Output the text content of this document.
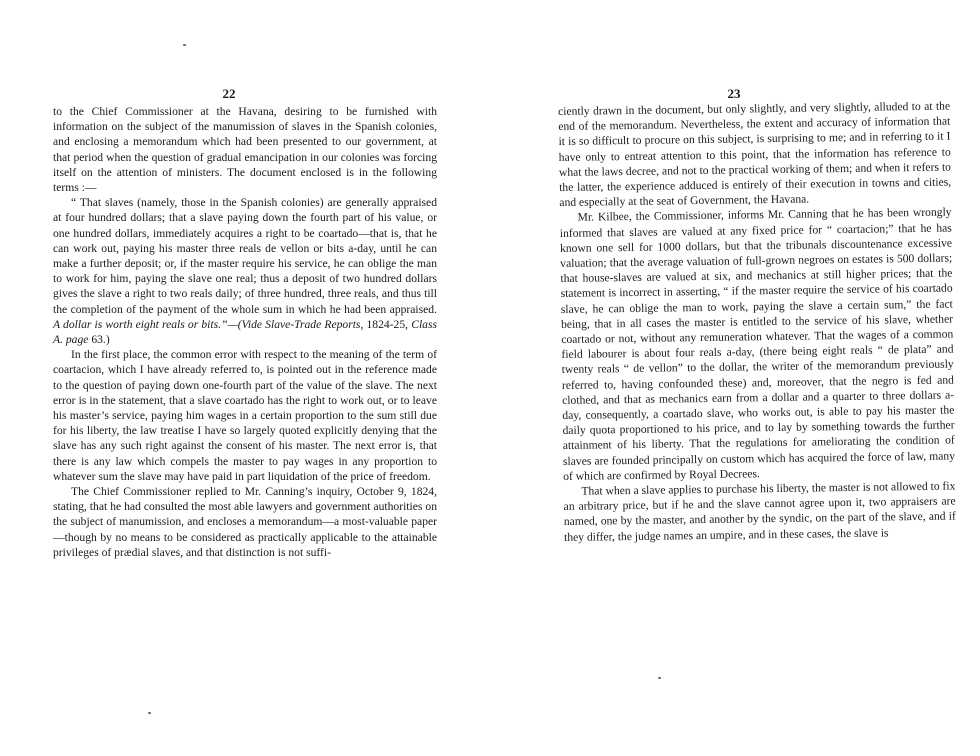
22

to the Chief Commissioner at the Havana, desiring to be furnished with information on the subject of the manumission of slaves in the Spanish colonies, and enclosing a memorandum which had been presented to our government, at that period when the question of gradual emancipation in our colonies was forcing itself on the attention of ministers. The document enclosed is in the following terms :—

“ That slaves (namely, those in the Spanish colonies) are generally appraised at four hundred dollars; that a slave paying down the fourth part of his value, or one hundred dollars, immediately acquires a right to be coartado—that is, that he can work out, paying his master three reals de vellon or bits a-day, until he can make a further deposit; or, if the master require his service, he can oblige the man to work for him, paying the slave one real; thus a deposit of two hundred dollars gives the slave a right to two reals daily; of three hundred, three reals, and thus till the completion of the payment of the whole sum in which he had been appraised. A dollar is worth eight reals or bits.”—(Vide Slave-Trade Reports, 1824-25, Class A. page 63.)

In the first place, the common error with respect to the meaning of the term of coartacion, which I have already referred to, is pointed out in the reference made to the question of paying down one-fourth part of the value of the slave. The next error is in the statement, that a slave coartado has the right to work out, or to leave his master’s service, paying him wages in a certain proportion to the sum still due for his liberty, the law treatise I have so largely quoted explicitly denying that the slave has any such right against the consent of his master. The next error is, that there is any law which compels the master to pay wages in any proportion to whatever sum the slave may have paid in part liquidation of the price of freedom.

The Chief Commissioner replied to Mr. Canning’s inquiry, October 9, 1824, stating, that he had consulted the most able lawyers and government authorities on the subject of manumission, and encloses a memorandum—a most-valuable paper—though by no means to be considered as practically applicable to the attainable privileges of prædial slaves, and that distinction is not suffi-

23

ciently drawn in the document, but only slightly, and very slightly, alluded to at the end of the memorandum. Nevertheless, the extent and accuracy of information that it is so difficult to procure on this subject, is surprising to me; and in referring to it I have only to entreat attention to this point, that the information has reference to what the laws decree, and not to the practical working of them; and when it refers to the latter, the experience adduced is entirely of their execution in towns and cities, and especially at the seat of Government, the Havana.

Mr. Kilbee, the Commissioner, informs Mr. Canning that he has been wrongly informed that slaves are valued at any fixed price for “ coartacion;” that he has known one sell for 1000 dollars, but that the tribunals discountenance excessive valuation; that the average valuation of full-grown negroes on estates is 500 dollars; that house-slaves are valued at six, and mechanics at still higher prices; that the statement is incorrect in asserting, “ if the master require the service of his coartado slave, he can oblige the man to work, paying the slave a certain sum,” the fact being, that in all cases the master is entitled to the service of his slave, whether coartado or not, without any remuneration whatever. That the wages of a common field labourer is about four reals a-day, (there being eight reals “ de plata” and twenty reals “ de vellon” to the dollar, the writer of the memorandum previously referred to, having confounded these) and, moreover, that the negro is fed and clothed, and that as mechanics earn from a dollar and a quarter to three dollars a-day, consequently, a coartado slave, who works out, is able to pay his master the daily quota proportioned to his price, and to lay by something towards the further attainment of his liberty. That the regulations for ameliorating the condition of slaves are founded principally on custom which has acquired the force of law, many of which are confirmed by Royal Decrees.

That when a slave applies to purchase his liberty, the master is not allowed to fix an arbitrary price, but if he and the slave cannot agree upon it, two appraisers are named, one by the master, and another by the syndic, on the part of the slave, and if they differ, the judge names an umpire, and in these cases, the slave is
